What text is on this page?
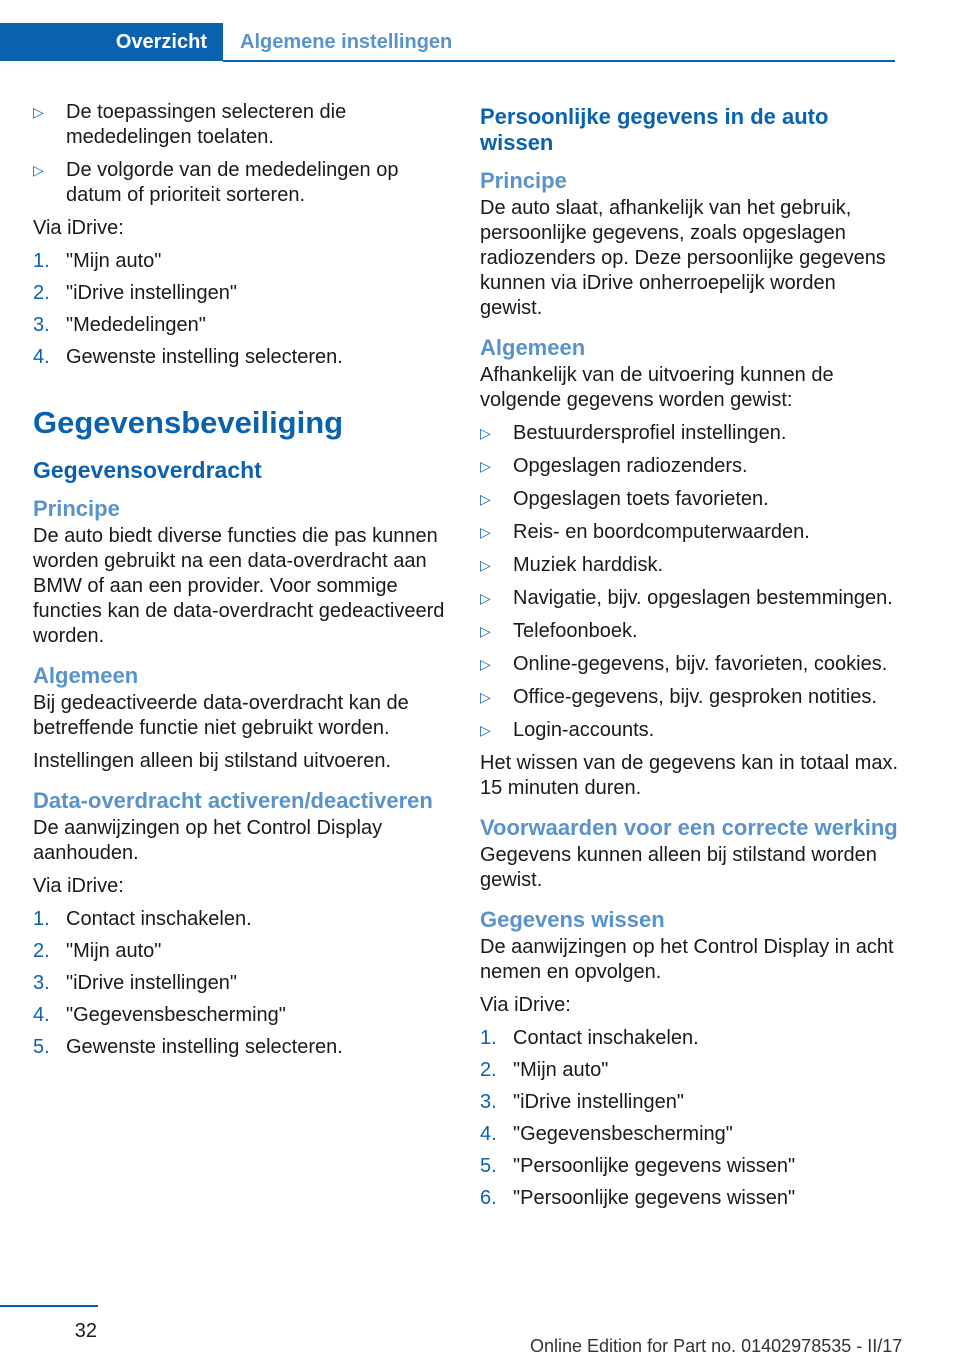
Overzicht	Algemene instellingen
▷ De toepassingen selecteren die mededelingen toelaten.
▷ De volgorde van de mededelingen op datum of prioriteit sorteren.

Via iDrive:

1. "Mijn auto"
2. "iDrive instellingen"
3. "Mededelingen"
4. Gewenste instelling selecteren.
Gegevensbeveiliging
Gegevensoverdracht
Principe

De auto biedt diverse functies die pas kunnen worden gebruikt na een data-overdracht aan BMW of aan een provider. Voor sommige functies kan de data-overdracht gedeactiveerd worden.

Algemeen

Bij gedeactiveerde data-overdracht kan de betreffende functie niet gebruikt worden.

Instellingen alleen bij stilstand uitvoeren.

Data-overdracht activeren/deactiveren

De aanwijzingen op het Control Display aanhouden.

Via iDrive:

1. Contact inschakelen.
2. "Mijn auto"
3. "iDrive instellingen"
4. "Gegevensbescherming"
5. Gewenste instelling selecteren.
Persoonlijke gegevens in de auto wissen
Principe

De auto slaat, afhankelijk van het gebruik, persoonlijke gegevens, zoals opgeslagen radiozenders op. Deze persoonlijke gegevens kunnen via iDrive onherroepelijk worden gewist.

Algemeen

Afhankelijk van de uitvoering kunnen de volgende gegevens worden gewist:

▷ Bestuurdersprofiel instellingen.
▷ Opgeslagen radiozenders.
▷ Opgeslagen toets favorieten.
▷ Reis- en boordcomputerwaarden.
▷ Muziek harddisk.
▷ Navigatie, bijv. opgeslagen bestemmingen.
▷ Telefoonboek.
▷ Online-gegevens, bijv. favorieten, cookies.
▷ Office-gegevens, bijv. gesproken notities.
▷ Login-accounts.

Het wissen van de gegevens kan in totaal max. 15 minuten duren.

Voorwaarden voor een correcte werking

Gegevens kunnen alleen bij stilstand worden gewist.

Gegevens wissen

De aanwijzingen op het Control Display in acht nemen en opvolgen.

Via iDrive:

1. Contact inschakelen.
2. "Mijn auto"
3. "iDrive instellingen"
4. "Gegevensbescherming"
5. "Persoonlijke gegevens wissen"
6. "Persoonlijke gegevens wissen"
32
Online Edition for Part no. 01402978535 - II/17
